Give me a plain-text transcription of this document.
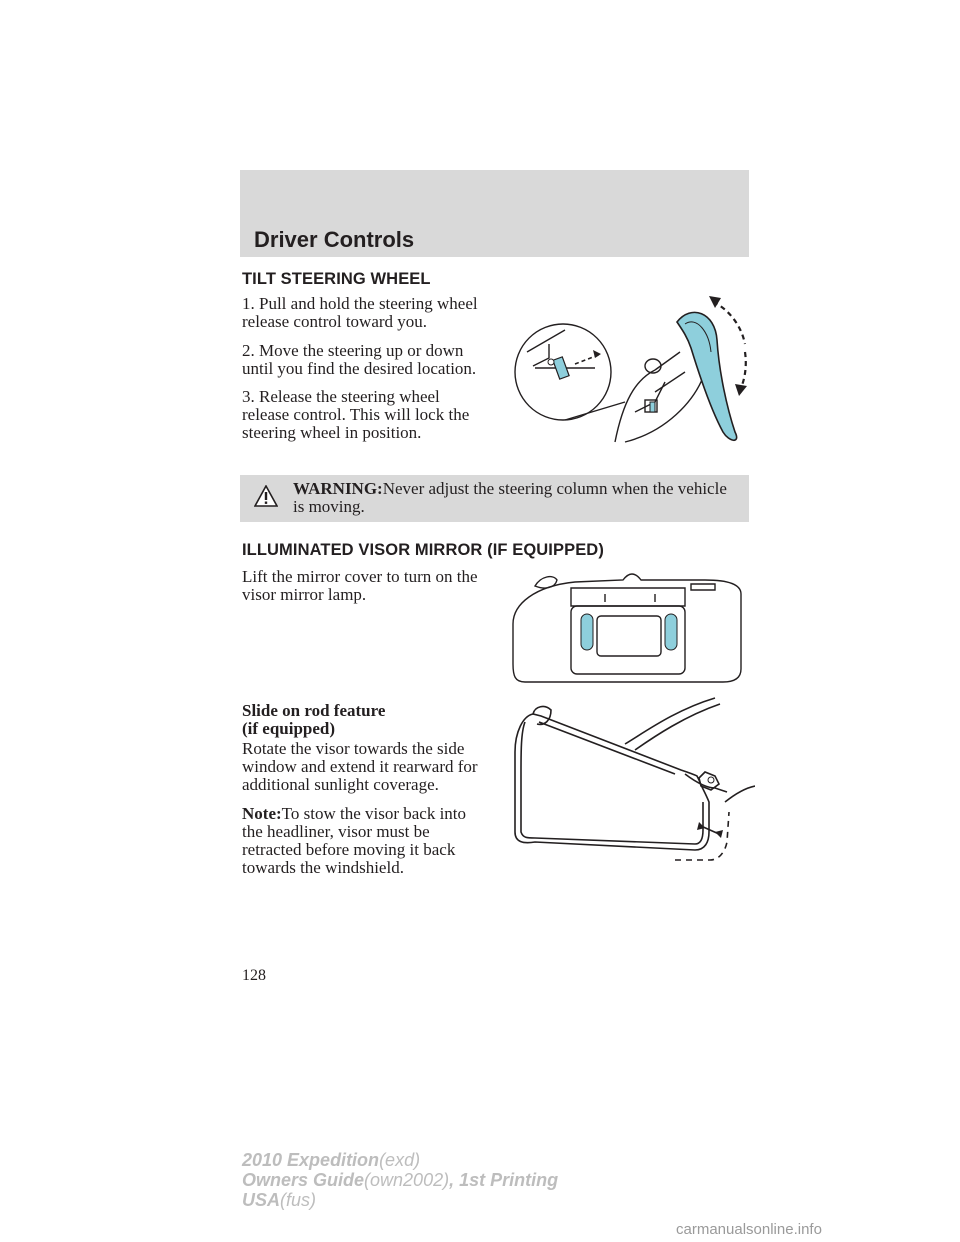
Driver Controls
TILT STEERING WHEEL
1. Pull and hold the steering wheel
release control toward you.
2. Move the steering up or down
until you find the desired location.
3. Release the steering wheel
release control. This will lock the
steering wheel in position.
WARNING:Never adjust the steering column when the vehicle
is moving.
ILLUMINATED VISOR MIRROR (IF EQUIPPED)
Lift the mirror cover to turn on the
visor mirror lamp.
Slide on rod feature
(if equipped)
Rotate the visor towards the side
window and extend it rearward for
additional sunlight coverage.
Note:To stow the visor back into
the headliner, visor must be
retracted before moving it back
towards the windshield.
128
2010 Expedition(exd)
Owners Guide(own2002), 1st Printing
USA(fus)
carmanualsonline.info
